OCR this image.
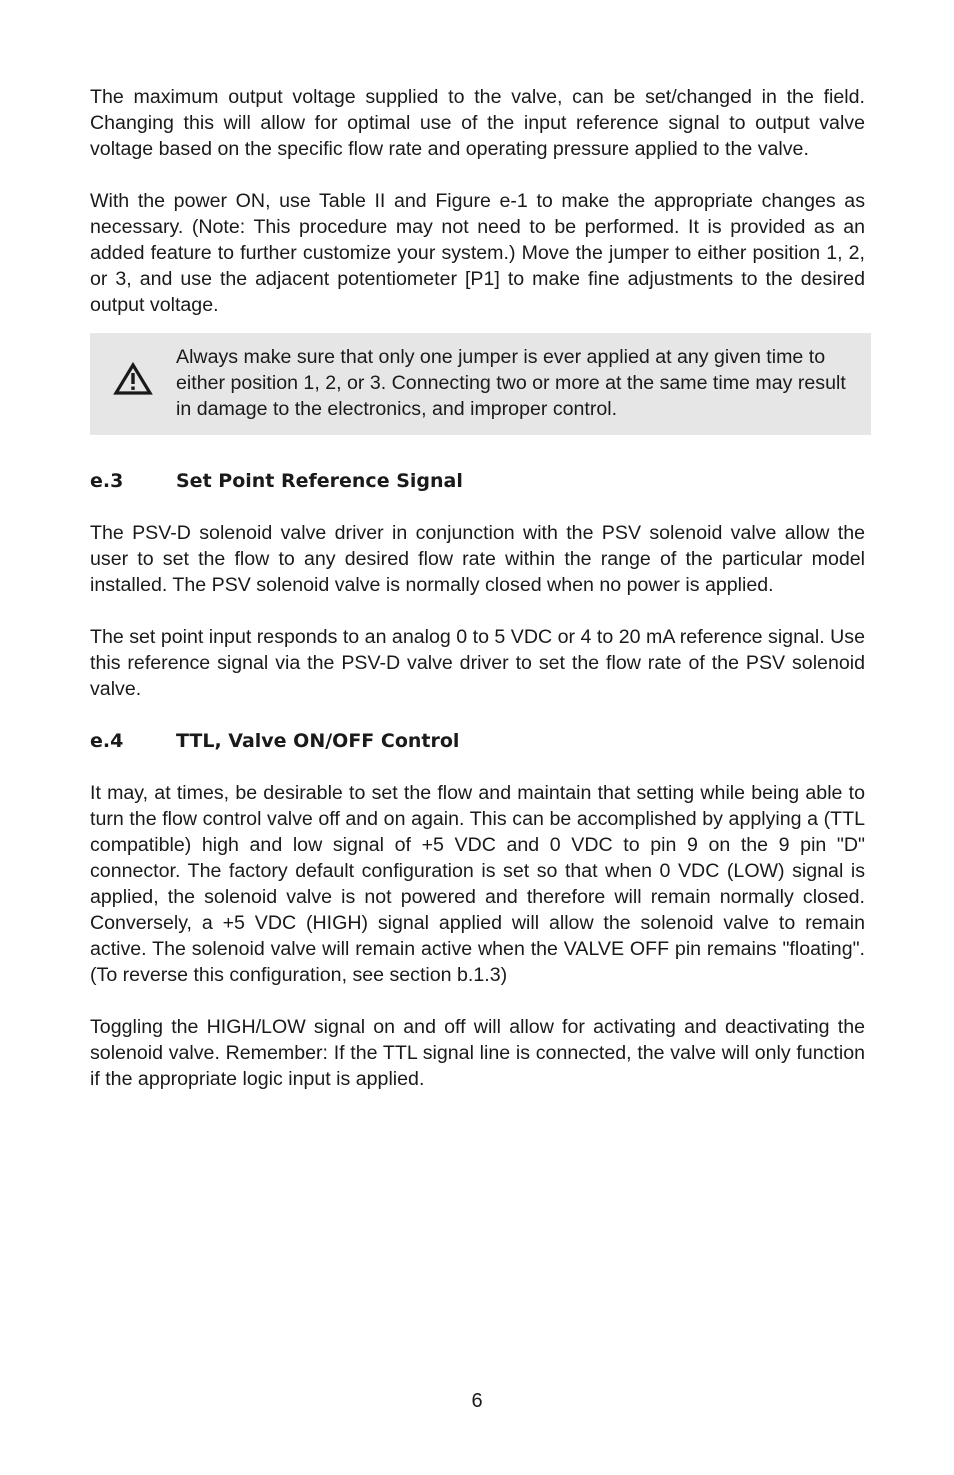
The maximum output voltage supplied to the valve, can be set/changed in the field. Changing this will allow for optimal use of the input reference signal to output valve voltage based on the specific flow rate and operating pressure applied to the valve.

With the power ON, use Table II and Figure e-1 to make the appropriate changes as necessary. (Note: This procedure may not need to be performed. It is provided as an added feature to further customize your system.) Move the jumper to either position 1, 2, or 3, and use the adjacent potentiometer [P1] to make fine adjustments to the desired output voltage.

Always make sure that only one jumper is ever applied at any given time to either position 1, 2, or 3. Connecting two or more at the same time may result in damage to the electronics, and improper control.

e.3	Set Point Reference Signal

The PSV-D solenoid valve driver in conjunction with the PSV solenoid valve allow the user to set the flow to any desired flow rate within the range of the particular model installed. The PSV solenoid valve is normally closed when no power is applied.

The set point input responds to an analog 0 to 5 VDC or 4 to 20 mA reference signal. Use this reference signal via the PSV-D valve driver to set the flow rate of the PSV solenoid valve.

e.4	TTL, Valve ON/OFF Control

It may, at times, be desirable to set the flow and maintain that setting while being able to turn the flow control valve off and on again. This can be accomplished by applying a (TTL compatible) high and low signal of +5 VDC and 0 VDC to pin 9 on the 9 pin "D" connector. The factory default configuration is set so that when 0 VDC (LOW) signal is applied, the solenoid valve is not powered and therefore will remain normally closed. Conversely, a +5 VDC (HIGH) signal applied will allow the solenoid valve to remain active. The solenoid valve will remain active when the VALVE OFF pin remains "floating". (To reverse this configuration, see section b.1.3)

Toggling the HIGH/LOW signal on and off will allow for activating and deactivating the solenoid valve. Remember: If the TTL signal line is connected, the valve will only function if the appropriate logic input is applied.

6
